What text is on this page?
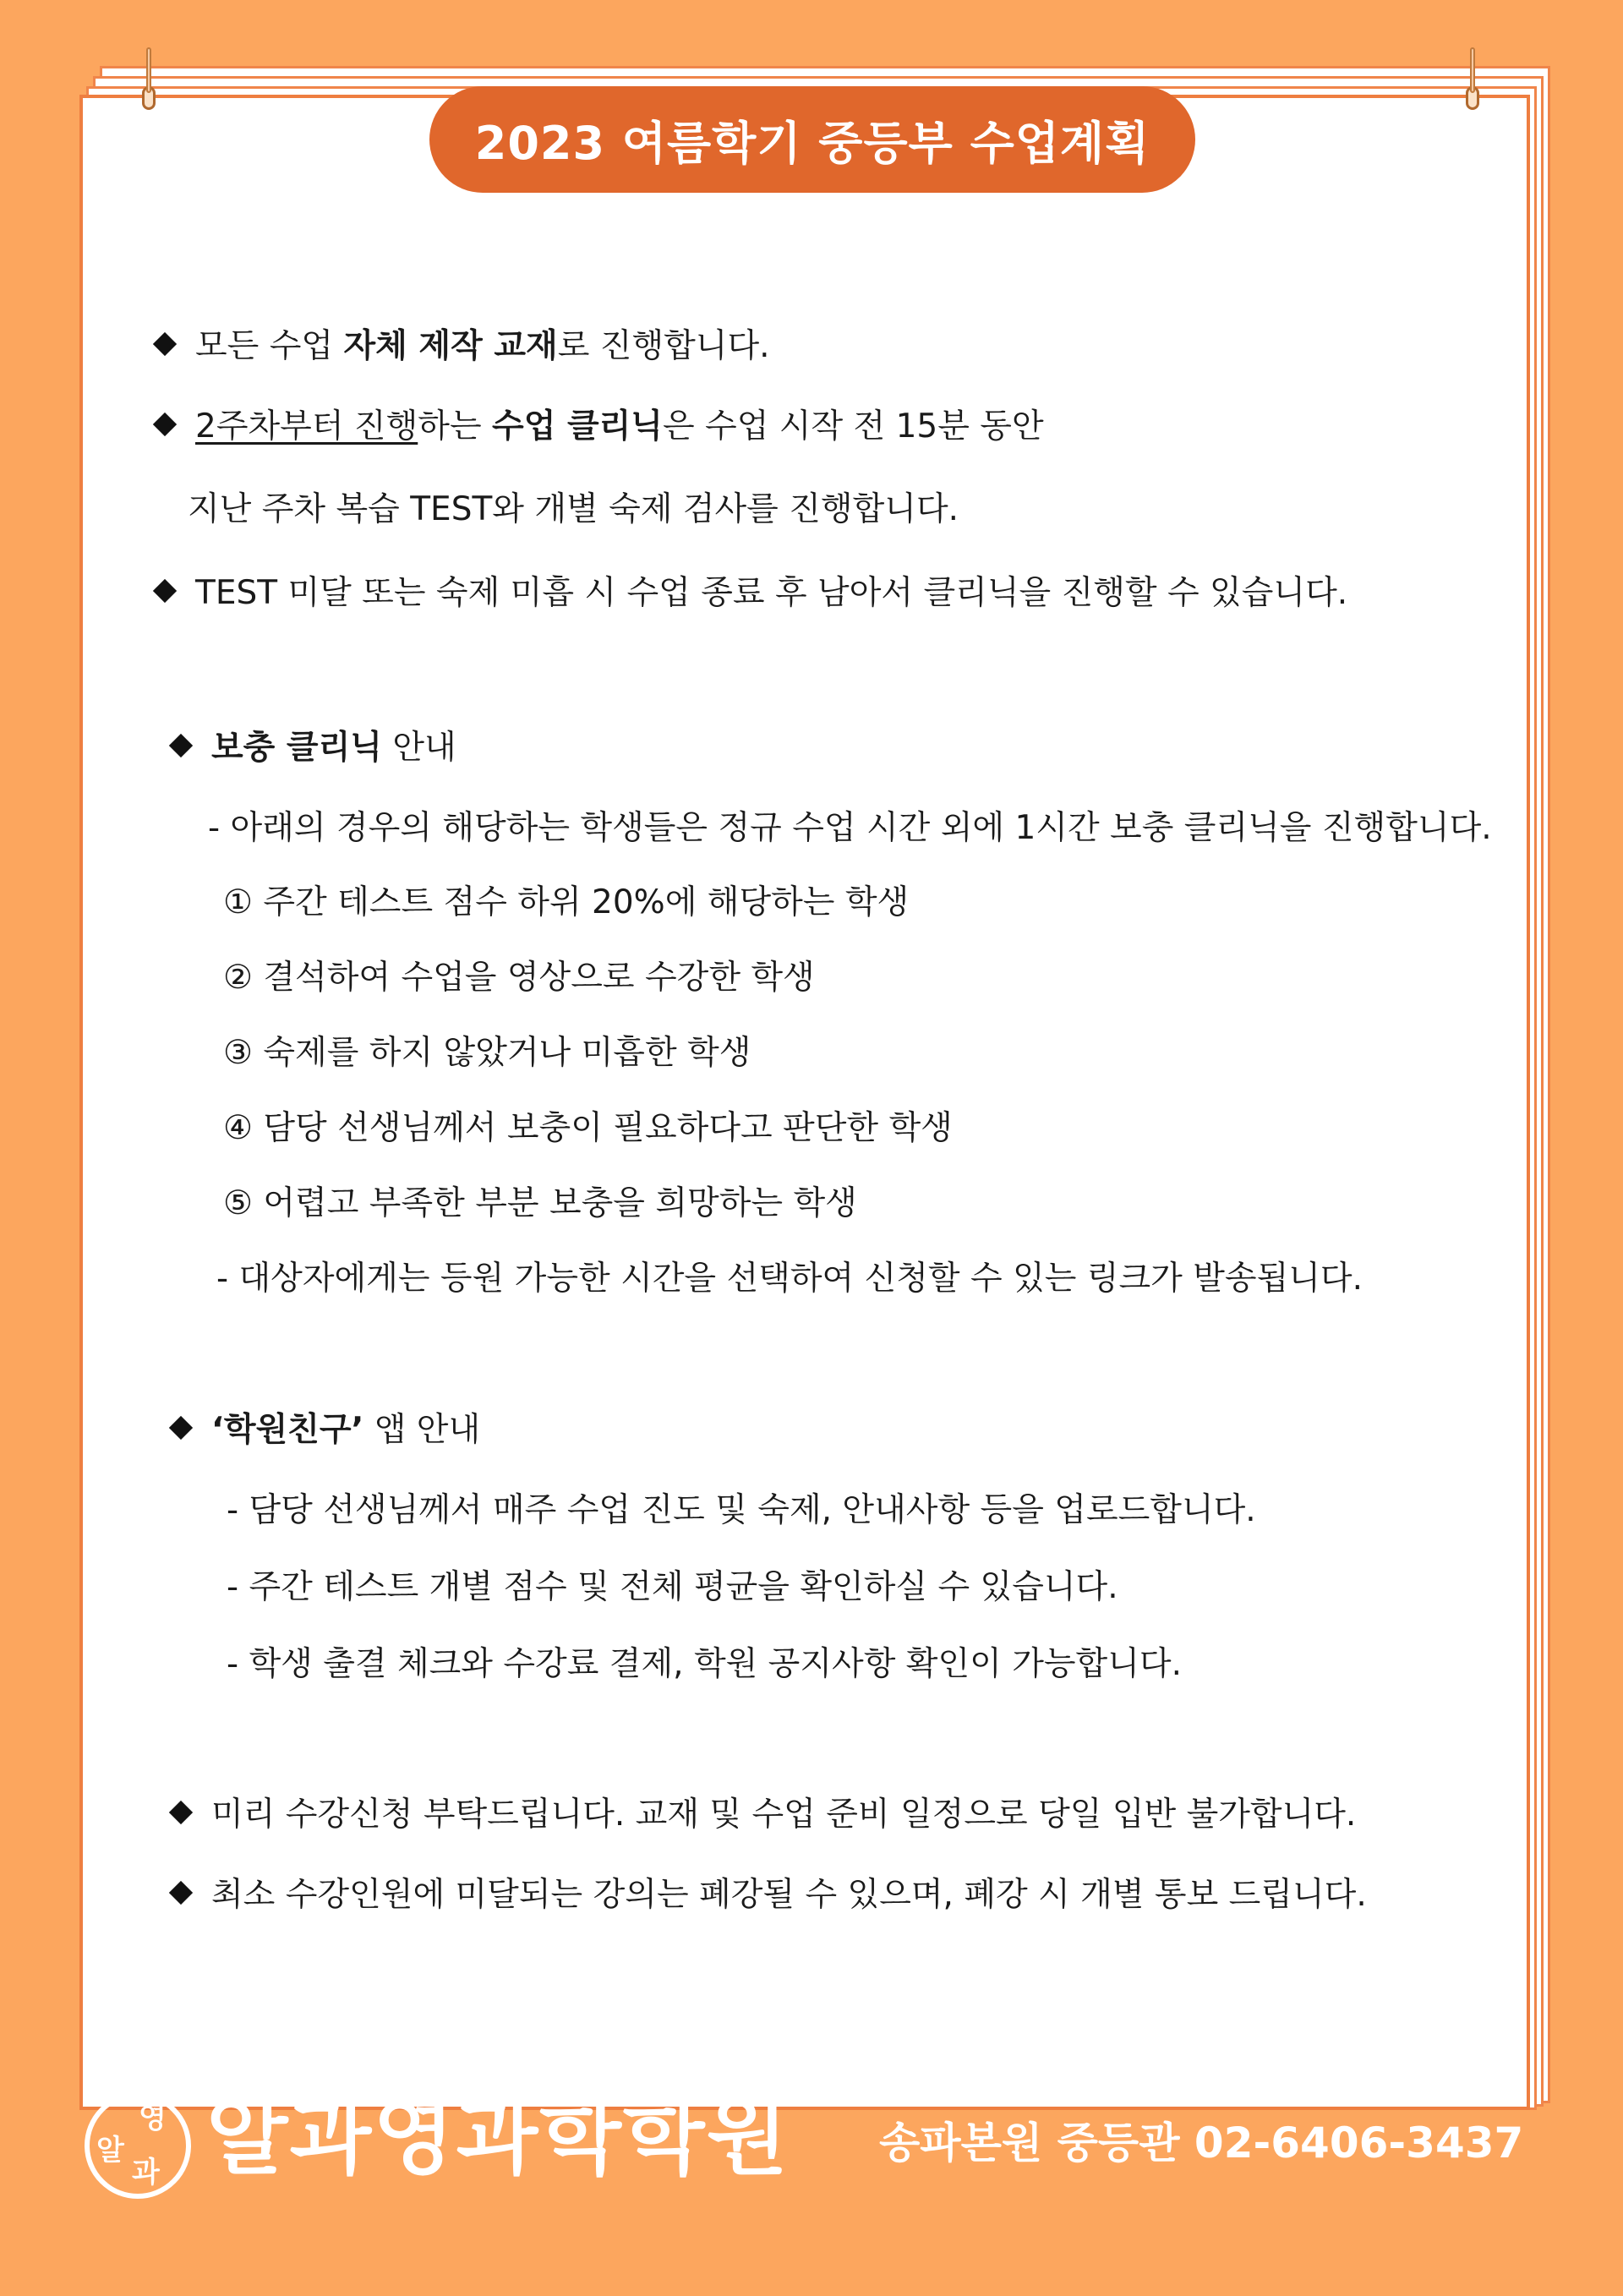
2023 여름학기 중등부 수업계획
모든 수업 자체 제작 교재로 진행합니다.
2주차부터 진행하는 수업 클리닉은 수업 시작 전 15분 동안
지난 주차 복습 TEST와 개별 숙제 검사를 진행합니다.
TEST 미달 또는 숙제 미흡 시 수업 종료 후 남아서 클리닉을 진행할 수 있습니다.
보충 클리닉 안내
- 아래의 경우의 해당하는 학생들은 정규 수업 시간 외에 1시간 보충 클리닉을 진행합니다.
① 주간 테스트 점수 하위 20%에 해당하는 학생
② 결석하여 수업을 영상으로 수강한 학생
③ 숙제를 하지 않았거나 미흡한 학생
④ 담당 선생님께서 보충이 필요하다고 판단한 학생
⑤ 어렵고 부족한 부분 보충을 희망하는 학생
- 대상자에게는 등원 가능한 시간을 선택하여 신청할 수 있는 링크가 발송됩니다.
‘학원친구’ 앱 안내
- 담당 선생님께서 매주 수업 진도 및 숙제, 안내사항 등을 업로드합니다.
- 주간 테스트 개별 점수 및 전체 평균을 확인하실 수 있습니다.
- 학생 출결 체크와 수강료 결제, 학원 공지사항 확인이 가능합니다.
미리 수강신청 부탁드립니다. 교재 및 수업 준비 일정으로 당일 입반 불가합니다.
최소 수강인원에 미달되는 강의는 폐강될 수 있으며, 폐강 시 개별 통보 드립니다.
영
알
과 알과영과학학원 송파본원 중등관 02-6406-3437
